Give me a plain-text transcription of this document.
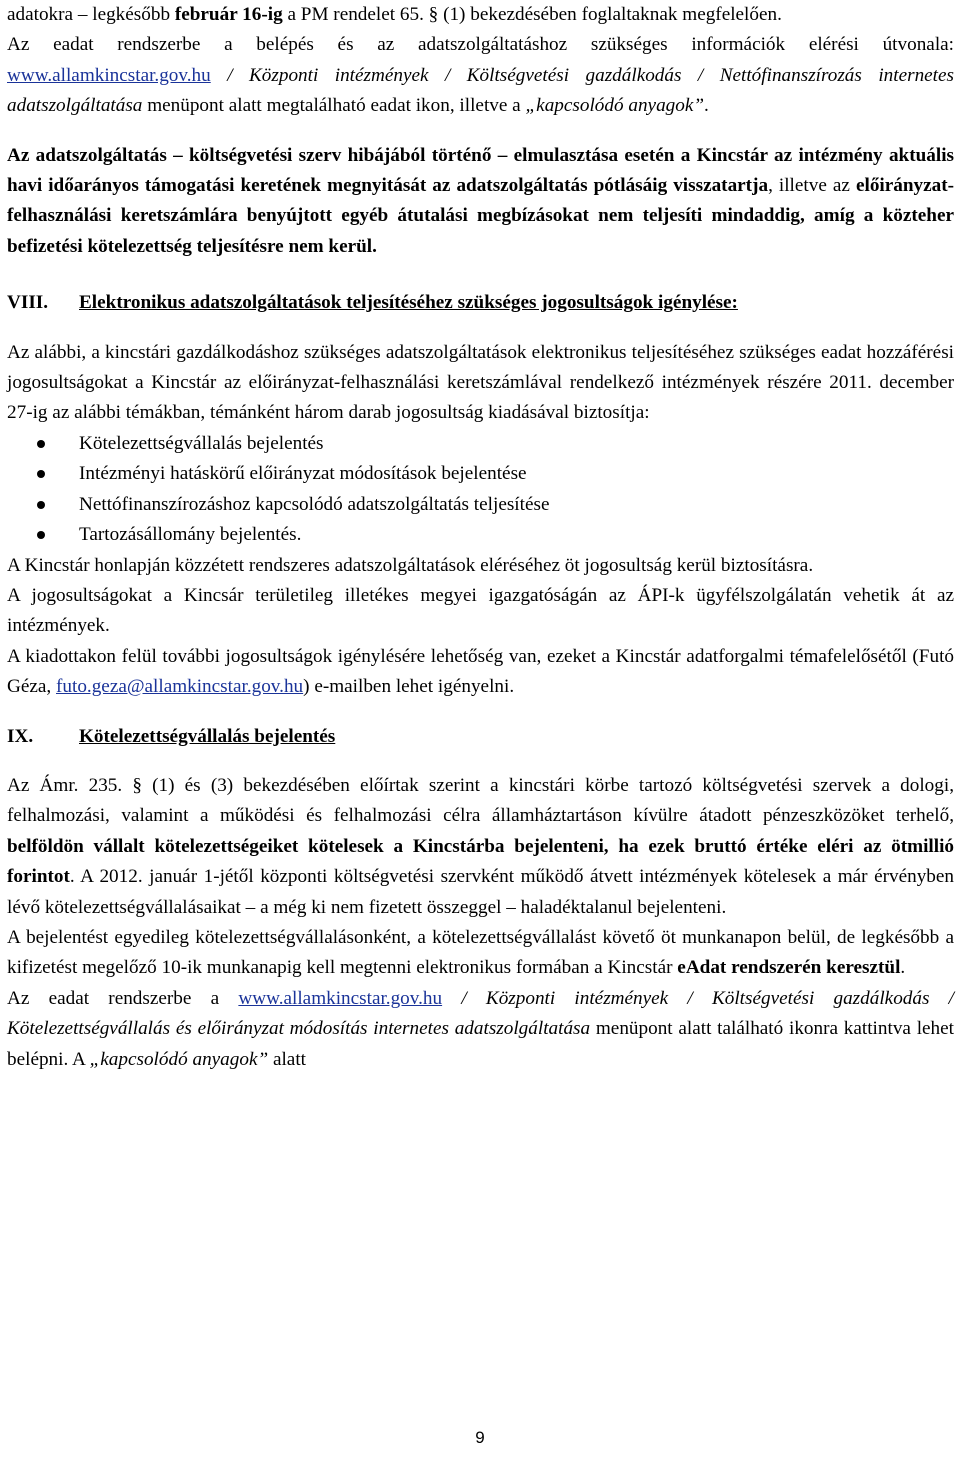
adatokra – legkésőbb február 16-ig a PM rendelet 65. § (1) bekezdésében foglaltaknak megfelelően.

Az eadat rendszerbe a belépés és az adatszolgáltatáshoz szükséges információk elérési útvonala: www.allamkincstar.gov.hu / Központi intézmények / Költségvetési gazdálkodás / Nettófinanszírozás internetes adatszolgáltatása menüpont alatt megtalálható eadat ikon, illetve a „kapcsolódó anyagok”.

Az adatszolgáltatás – költségvetési szerv hibájából történő – elmulasztása esetén a Kincstár az intézmény aktuális havi időarányos támogatási keretének megnyitását az adatszolgáltatás pótlásáig visszatartja, illetve az előirányzat-felhasználási keretszámlára benyújtott egyéb átutalási megbízásokat nem teljesíti mindaddig, amíg a közteher befizetési kötelezettség teljesítésre nem kerül.

VIII.	Elektronikus adatszolgáltatások teljesítéséhez szükséges jogosultságok igénylése:

Az alábbi, a kincstári gazdálkodáshoz szükséges adatszolgáltatások elektronikus teljesítéséhez szükséges eadat hozzáférési jogosultságokat a Kincstár az előirányzat-felhasználási keretszámlával rendelkező intézmények részére 2011. december 27-ig az alábbi témákban, témánként három darab jogosultság kiadásával biztosítja:

Kötelezettségvállalás bejelentés
Intézményi hatáskörű előirányzat módosítások bejelentése
Nettófinanszírozáshoz kapcsolódó adatszolgáltatás teljesítése
Tartozásállomány bejelentés.

A Kincstár honlapján közzétett rendszeres adatszolgáltatások eléréséhez öt jogosultság kerül biztosításra.

A jogosultságokat a Kincsár területileg illetékes megyei igazgatóságán az ÁPI-k ügyfélszolgálatán vehetik át az intézmények.

A kiadottakon felül további jogosultságok igénylésére lehetőség van, ezeket a Kincstár adatforgalmi témafelelősétől (Futó Géza, futo.geza@allamkincstar.gov.hu) e-mailben lehet igényelni.

IX.	Kötelezettségvállalás bejelentés

Az Ámr. 235. § (1) és (3) bekezdésében előírtak szerint a kincstári körbe tartozó költségvetési szervek a dologi, felhalmozási, valamint a működési és felhalmozási célra államháztartáson kívülre átadott pénzeszközöket terhelő, belföldön vállalt kötelezettségeiket kötelesek a Kincstárba bejelenteni, ha ezek bruttó értéke eléri az ötmillió forintot. A 2012. január 1-jétől központi költségvetési szervként működő átvett intézmények kötelesek a már érvényben lévő kötelezettségvállalásaikat – a még ki nem fizetett összeggel – haladéktalanul bejelenteni.

A bejelentést egyedileg kötelezettségvállalásonként, a kötelezettségvállalást követő öt munkanapon belül, de legkésőbb a kifizetést megelőző 10-ik munkanapig kell megtenni elektronikus formában a Kincstár eAdat rendszerén keresztül.

Az eadat rendszerbe a www.allamkincstar.gov.hu / Központi intézmények / Költségvetési gazdálkodás / Kötelezettségvállalás és előirányzat módosítás internetes adatszolgáltatása menüpont alatt található ikonra kattintva lehet belépni. A „kapcsolódó anyagok” alatt

9
